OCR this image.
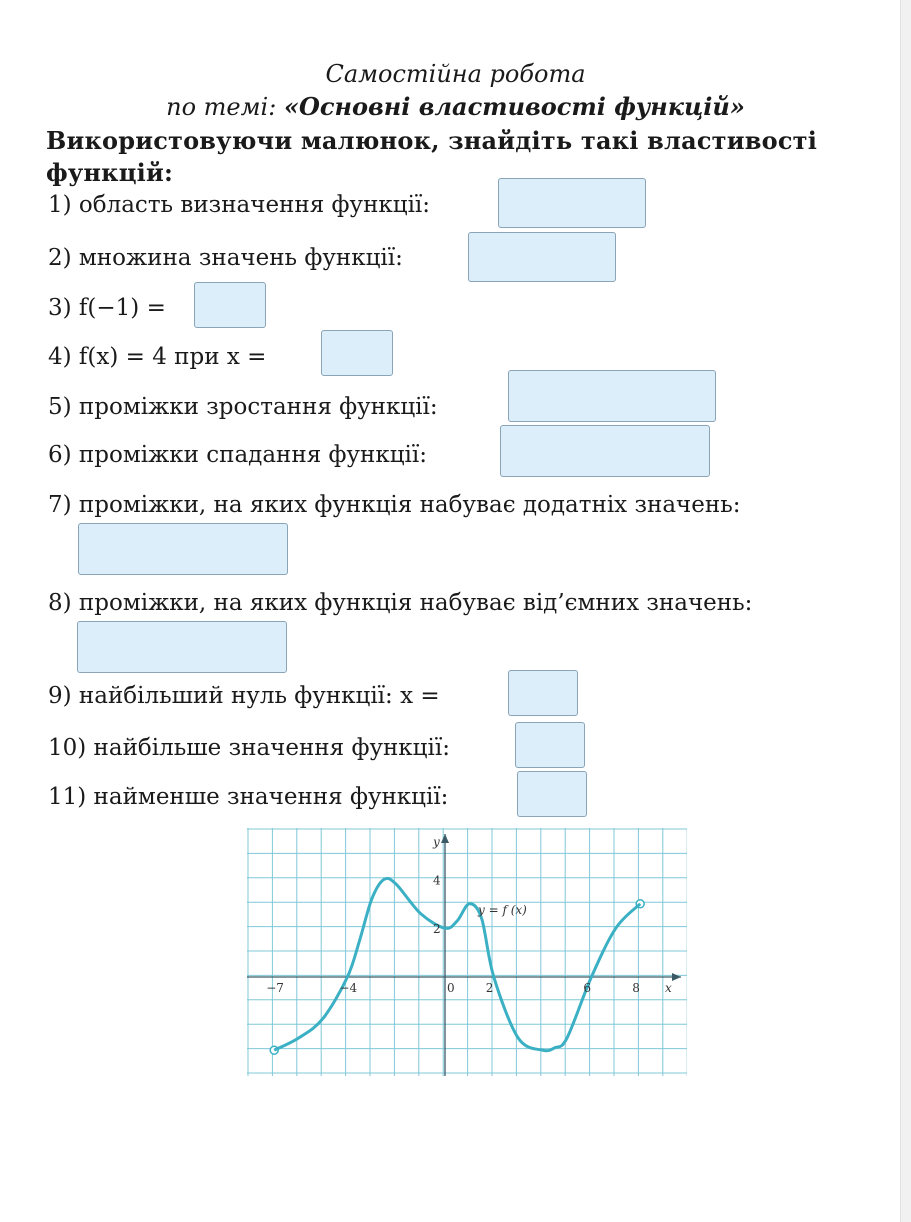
Самостійна робота
по темі: «Основні властивості функцій»
Використовуючи малюнок, знайдіть такі властивості функцій:
1) область визначення функції:
2) множина значень функції:
3) f(−1) =
4) f(x) = 4 при x =
5) проміжки зростання функції:
6) проміжки спадання функції:
7) проміжки, на яких функція набуває додатніх значень:
8) проміжки, на яких функція набуває від’ємних значень:
9) найбільший нуль функції: x =
10) найбільше значення функції:
11) найменше значення функції:
−7	−4	0	2	6	8 x
y
4
2
y = f (x)
